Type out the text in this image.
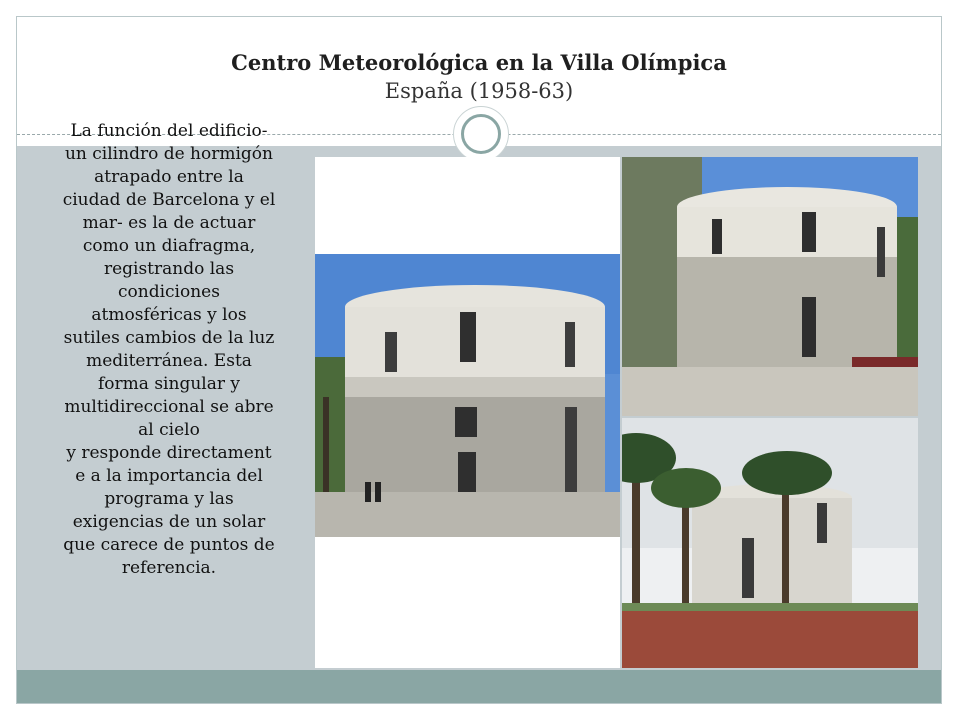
Centro Meteorológica en la Villa Olímpica
España (1958-63)

La función del edificio-
un cilindro de hormigón
atrapado entre la
ciudad de Barcelona y el
mar- es la de actuar
como un diafragma,
registrando las
condiciones
atmosféricas y los
sutiles cambios de la luz
mediterránea. Esta
forma singular y
multidireccional se abre
al cielo
y responde directament
e a la importancia del
programa y las
exigencias de un solar
que carece de puntos de
referencia.
